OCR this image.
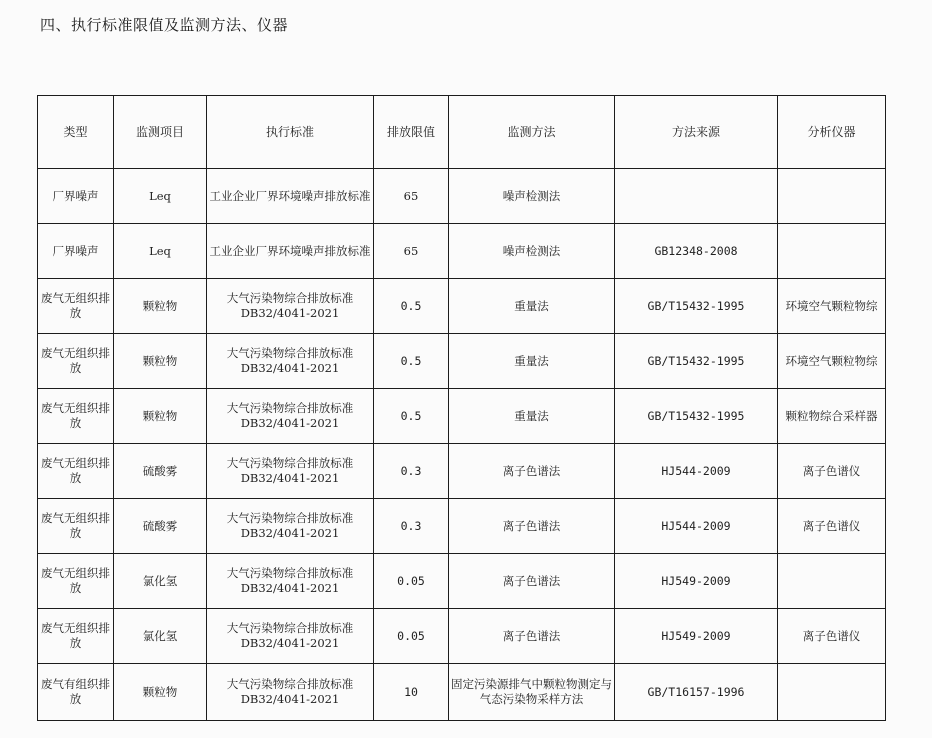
四、执行标准限值及监测方法、仪器
类型	监测项目	执行标准	排放限值	监测方法	方法来源	分析仪器
厂界噪声	Leq	工业企业厂界环境噪声排放标准	65	噪声检测法		
厂界噪声	Leq	工业企业厂界环境噪声排放标准	65	噪声检测法	GB12348-2008	
废气无组织排放	颗粒物	大气污染物综合排放标准DB32/4041-2021	0.5	重量法	GB/T15432-1995	环境空气颗粒物综
废气无组织排放	颗粒物	大气污染物综合排放标准DB32/4041-2021	0.5	重量法	GB/T15432-1995	环境空气颗粒物综
废气无组织排放	颗粒物	大气污染物综合排放标准DB32/4041-2021	0.5	重量法	GB/T15432-1995	颗粒物综合采样器
废气无组织排放	硫酸雾	大气污染物综合排放标准DB32/4041-2021	0.3	离子色谱法	HJ544-2009	离子色谱仪
废气无组织排放	硫酸雾	大气污染物综合排放标准DB32/4041-2021	0.3	离子色谱法	HJ544-2009	离子色谱仪
废气无组织排放	氯化氢	大气污染物综合排放标准DB32/4041-2021	0.05	离子色谱法	HJ549-2009	
废气无组织排放	氯化氢	大气污染物综合排放标准DB32/4041-2021	0.05	离子色谱法	HJ549-2009	离子色谱仪
废气有组织排放	颗粒物	大气污染物综合排放标准DB32/4041-2021	10	固定污染源排气中颗粒物测定与气态污染物采样方法	GB/T16157-1996	
